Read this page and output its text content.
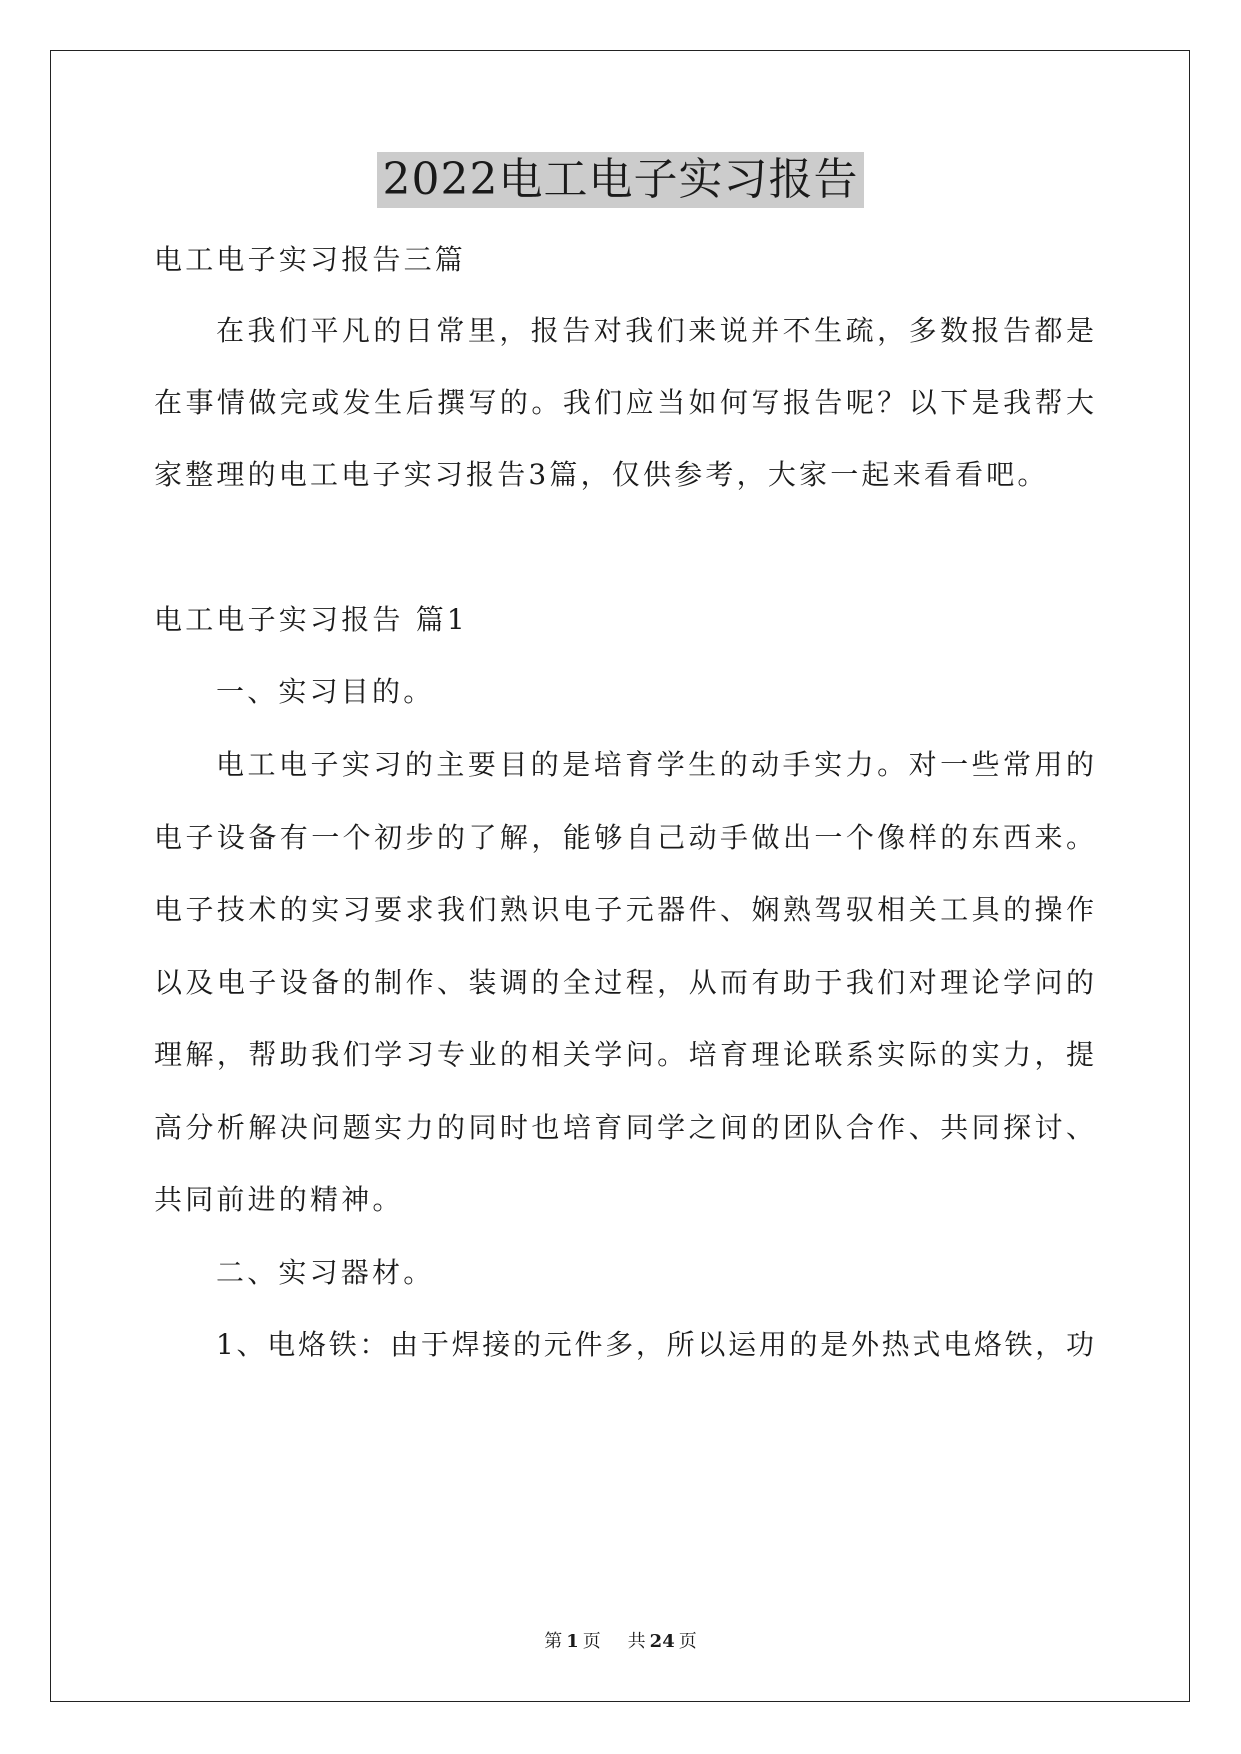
2022电工电子实习报告
电工电子实习报告三篇
在我们平凡的日常里，报告对我们来说并不生疏，多数报告都是
在事情做完或发生后撰写的。我们应当如何写报告呢？以下是我帮大
家整理的电工电子实习报告3篇，仅供参考，大家一起来看看吧。
电工电子实习报告 篇1
一、实习目的。
电工电子实习的主要目的是培育学生的动手实力。对一些常用的
电子设备有一个初步的了解，能够自己动手做出一个像样的东西来。
电子技术的实习要求我们熟识电子元器件、娴熟驾驭相关工具的操作
以及电子设备的制作、装调的全过程，从而有助于我们对理论学问的
理解，帮助我们学习专业的相关学问。培育理论联系实际的实力，提
高分析解决问题实力的同时也培育同学之间的团队合作、共同探讨、
共同前进的精神。
二、实习器材。
1、电烙铁：由于焊接的元件多，所以运用的是外热式电烙铁，功
第 1 页 共 24 页
